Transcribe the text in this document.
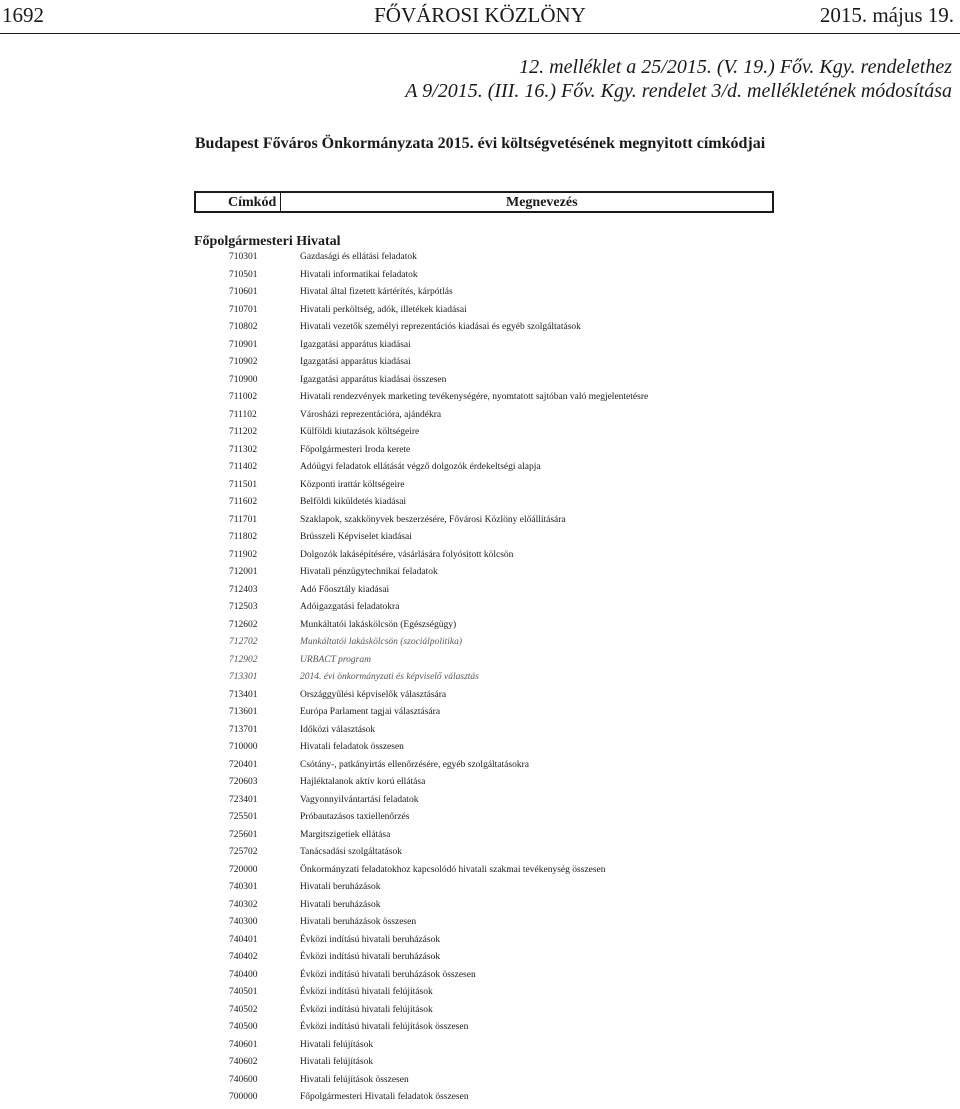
1692	FŐVÁROSI KÖZLÖNY	2015. május 19.
12. melléklet a 25/2015. (V. 19.) Főv. Kgy. rendelethez
A 9/2015. (III. 16.) Főv. Kgy. rendelet 3/d. mellékletének módosítása
Budapest Főváros Önkormányzata 2015. évi költségvetésének megnyitott címkódjai
Címkód	Megnevezés
Főpolgármesteri Hivatal
710301	Gazdasági és ellátási feladatok
710501	Hivatali informatikai feladatok
710601	Hivatal által fizetett kártérítés, kárpótlás
710701	Hivatali perköltség, adók, illetékek kiadásai
710802	Hivatali vezetők személyi reprezentációs kiadásai és egyéb szolgáltatások
710901	Igazgatási apparátus kiadásai
710902	Igazgatási apparátus kiadásai
710900	Igazgatási apparátus kiadásai összesen
711002	Hivatali rendezvények marketing tevékenységére, nyomtatott sajtóban való megjelentetésre
711102	Városházi reprezentációra, ajándékra
711202	Külföldi kiutazások költségeire
711302	Főpolgármesteri Iroda kerete
711402	Adóügyi feladatok ellátását végző dolgozók érdekeltségi alapja
711501	Központi irattár költségeire
711602	Belföldi kiküldetés kiadásai
711701	Szaklapok, szakkönyvek beszerzésére, Fővárosi Közlöny előállítására
711802	Brüsszeli Képviselet kiadásai
711902	Dolgozók lakásépítésére, vásárlására folyósított kölcsön
712001	Hivatali pénzügytechnikai feladatok
712403	Adó Főosztály kiadásai
712503	Adóigazgatási feladatokra
712602	Munkáltatói lakáskölcsön (Egészségügy)
712702	Munkáltatói lakáskölcsön (szociálpolitika)
712902	URBACT program
713301	2014. évi önkormányzati és képviselő választás
713401	Országgyűlési képviselők választására
713601	Európa Parlament tagjai választására
713701	Időközi választások
710000	Hivatali feladatok összesen
720401	Csótány-, patkányirtás ellenőrzésére, egyéb szolgáltatásokra
720603	Hajléktalanok aktív korú ellátása
723401	Vagyonnyilvántartási feladatok
725501	Próbautazásos taxiellenőrzés
725601	Margitszigetiek ellátása
725702	Tanácsadási szolgáltatások
720000	Önkormányzati feladatokhoz kapcsolódó hivatali szakmai tevékenység összesen
740301	Hivatali beruházások
740302	Hivatali beruházások
740300	Hivatali beruházások összesen
740401	Évközi indítású hivatali beruházások
740402	Évközi indítású hivatali beruházások
740400	Évközi indítású hivatali beruházások összesen
740501	Évközi indítású hivatali felújítások
740502	Évközi indítású hivatali felújítások
740500	Évközi indítású hivatali felújítások összesen
740601	Hivatali felújítások
740602	Hivatali felújítások
740600	Hivatali felújítások összesen
700000	Főpolgármesteri Hivatali feladatok összesen
